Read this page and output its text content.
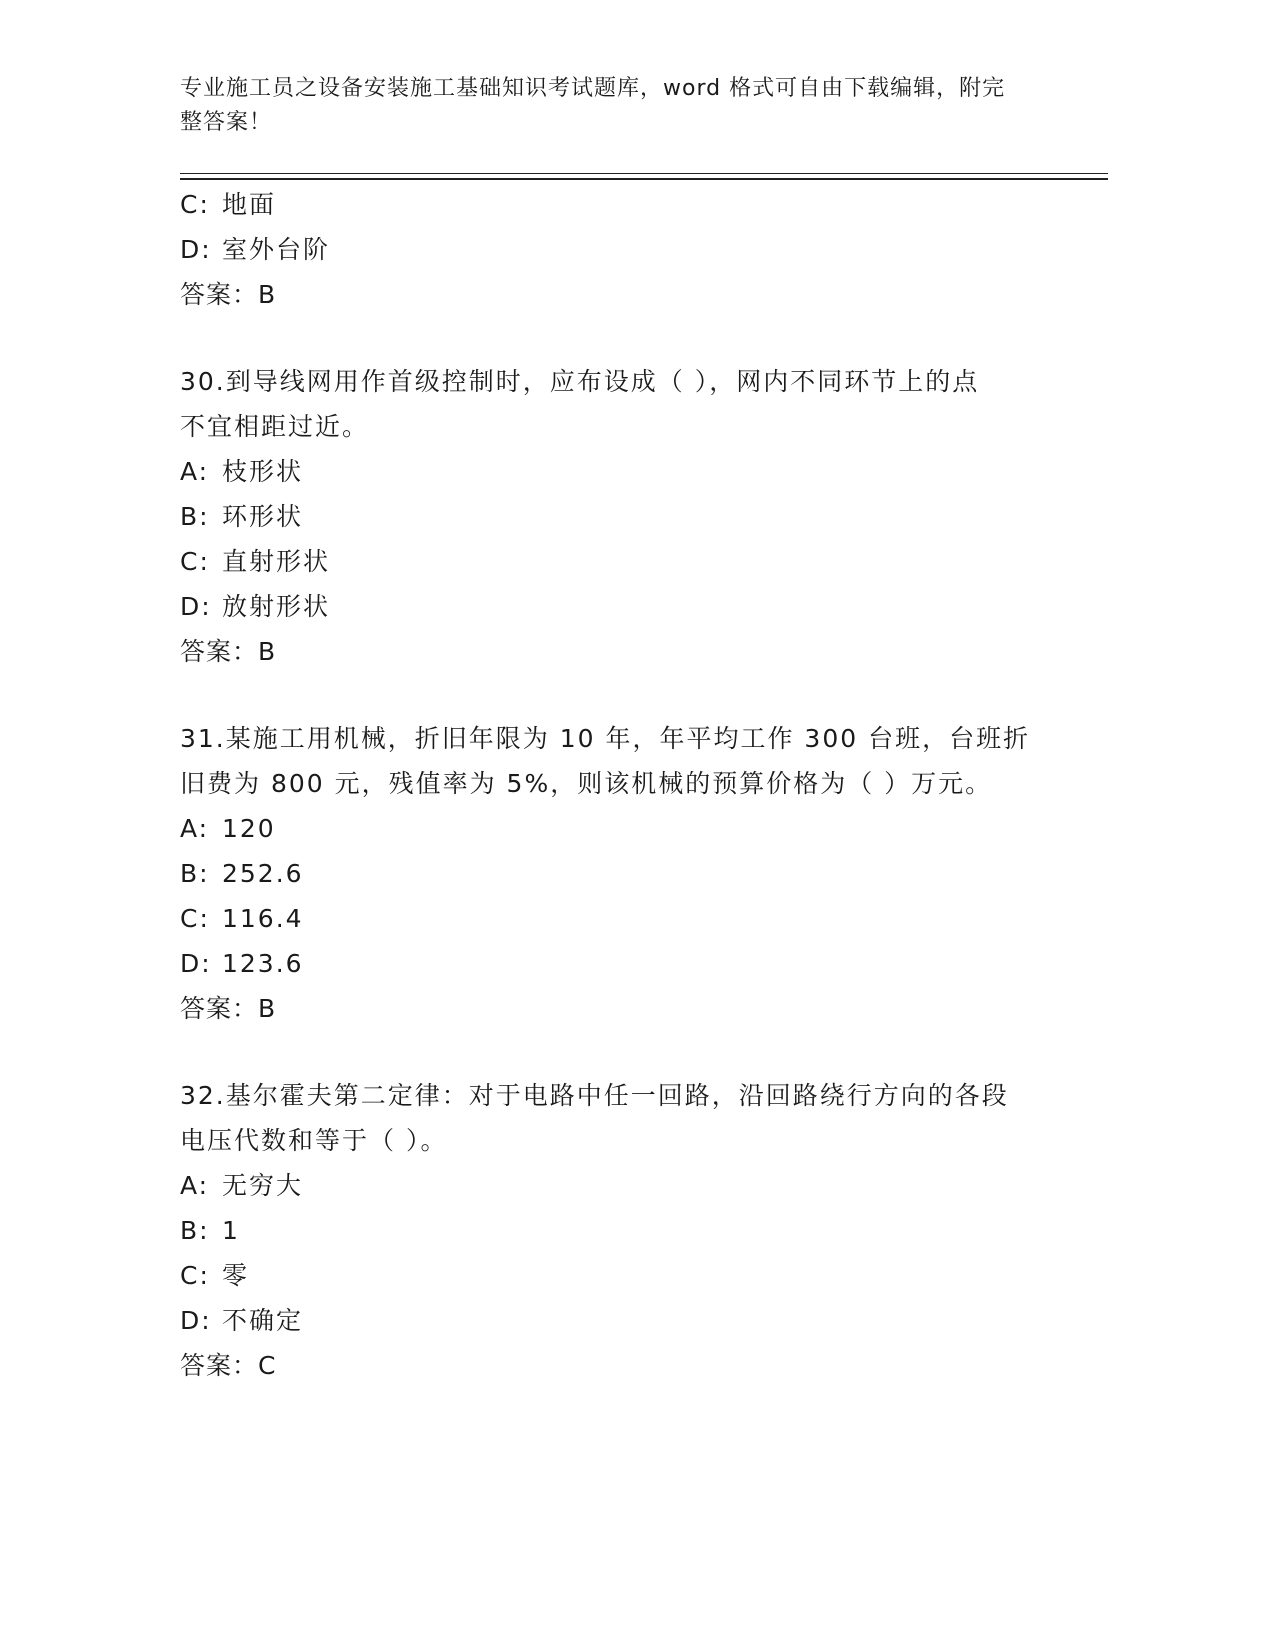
专业施工员之设备安装施工基础知识考试题库，word 格式可自由下载编辑，附完
整答案！
C: 地面
D: 室外台阶
答案：B
30.到导线网用作首级控制时，应布设成（ ），网内不同环节上的点
不宜相距过近。
A: 枝形状
B: 环形状
C: 直射形状
D: 放射形状
答案：B
31.某施工用机械，折旧年限为 10 年，年平均工作 300 台班，台班折
旧费为 800 元，残值率为 5%，则该机械的预算价格为（ ）万元。
A: 120
B: 252.6
C: 116.4
D: 123.6
答案：B
32.基尔霍夫第二定律：对于电路中任一回路，沿回路绕行方向的各段
电压代数和等于（ ）。
A: 无穷大
B: 1
C: 零
D: 不确定
答案：C
